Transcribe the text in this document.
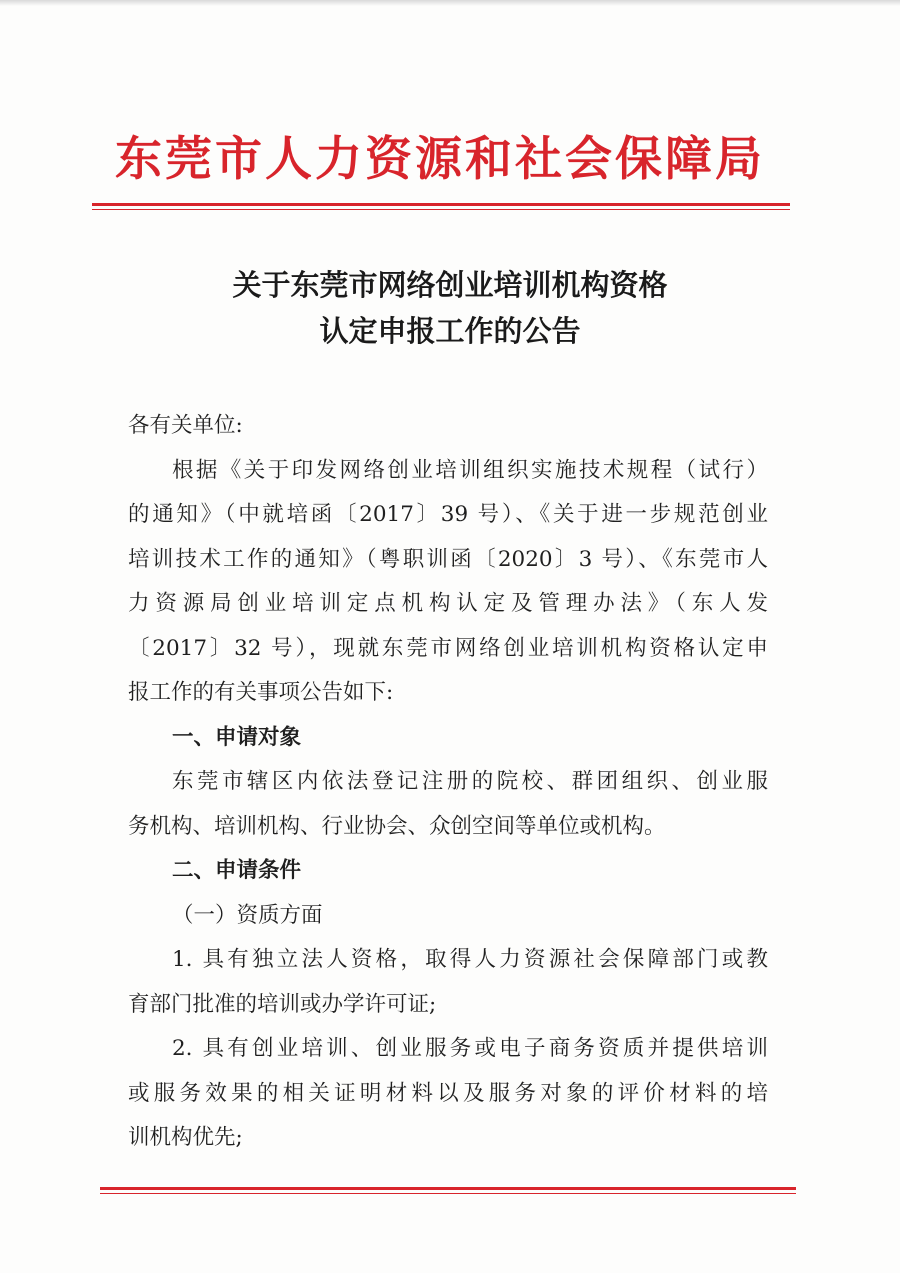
东莞市人力资源和社会保障局
关于东莞市网络创业培训机构资格
认定申报工作的公告
各有关单位:
根据《关于印发网络创业培训组织实施技术规程（试行）
的通知》（中就培函〔2017〕39 号）、《关于进一步规范创业
培训技术工作的通知》（粤职训函〔2020〕3 号）、《东莞市人
力资源局创业培训定点机构认定及管理办法》（东人发
〔2017〕32 号），现就东莞市网络创业培训机构资格认定申
报工作的有关事项公告如下:
一、申请对象
东莞市辖区内依法登记注册的院校、群团组织、创业服
务机构、培训机构、行业协会、众创空间等单位或机构。
二、申请条件
（一）资质方面
1. 具有独立法人资格，取得人力资源社会保障部门或教
育部门批准的培训或办学许可证;
2. 具有创业培训、创业服务或电子商务资质并提供培训
或服务效果的相关证明材料以及服务对象的评价材料的培
训机构优先;
